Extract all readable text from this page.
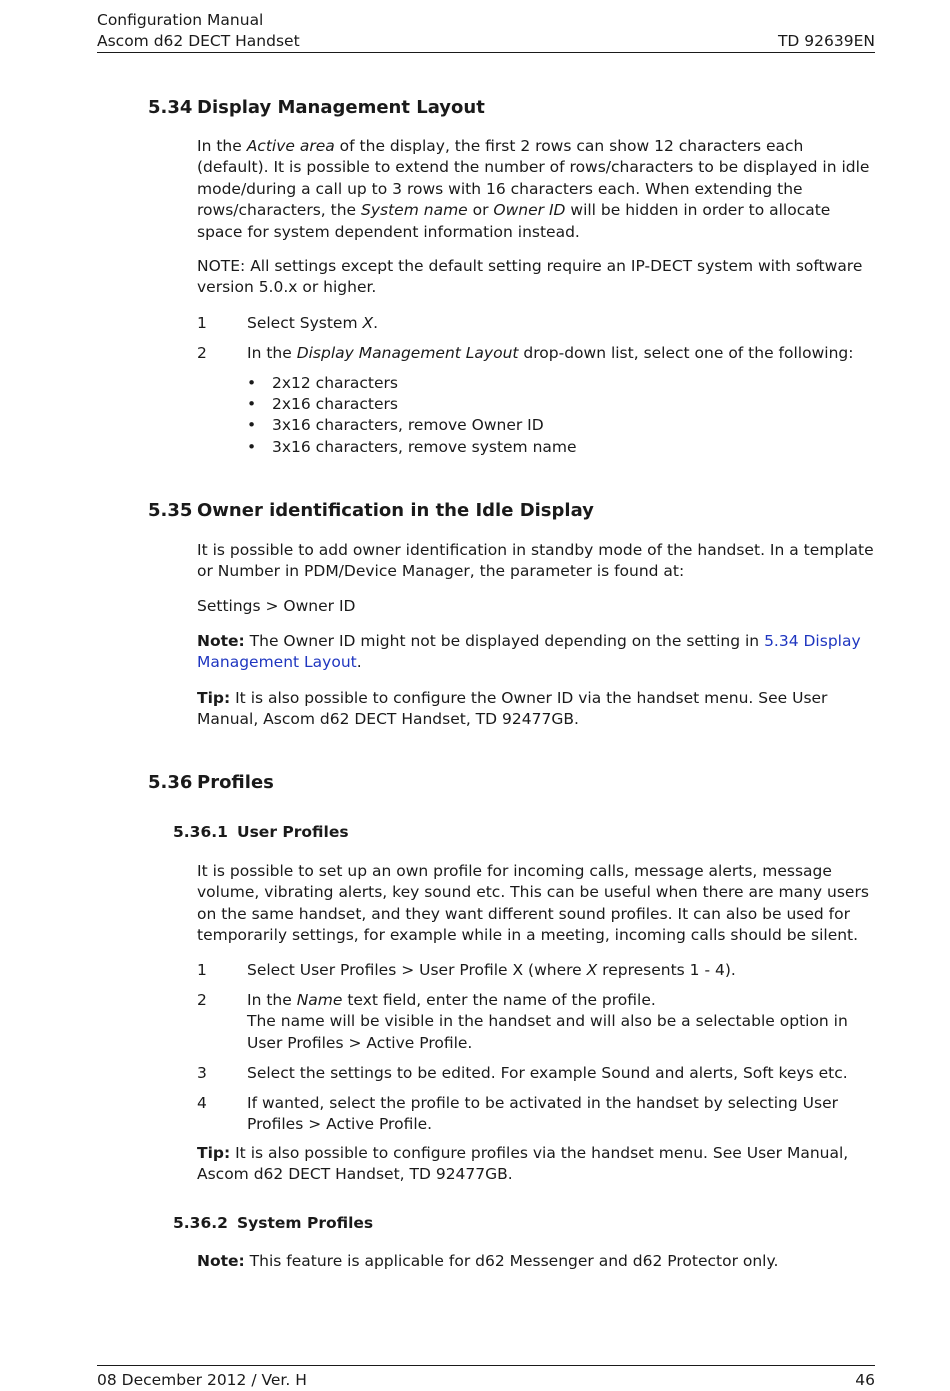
Configuration Manual
Ascom d62 DECT Handset	TD 92639EN
5.34 Display Management Layout
In the Active area of the display, the first 2 rows can show 12 characters each (default). It is possible to extend the number of rows/characters to be displayed in idle mode/during a call up to 3 rows with 16 characters each. When extending the rows/characters, the System name or Owner ID will be hidden in order to allocate space for system dependent information instead.
NOTE: All settings except the default setting require an IP-DECT system with software version 5.0.x or higher.
1	Select System X.
2	In the Display Management Layout drop-down list, select one of the following:
• 2x12 characters
• 2x16 characters
• 3x16 characters, remove Owner ID
• 3x16 characters, remove system name
5.35 Owner identification in the Idle Display
It is possible to add owner identification in standby mode of the handset. In a template or Number in PDM/Device Manager, the parameter is found at:
Settings > Owner ID
Note: The Owner ID might not be displayed depending on the setting in 5.34 Display Management Layout.
Tip: It is also possible to configure the Owner ID via the handset menu. See User Manual, Ascom d62 DECT Handset, TD 92477GB.
5.36 Profiles
5.36.1 User Profiles
It is possible to set up an own profile for incoming calls, message alerts, message volume, vibrating alerts, key sound etc. This can be useful when there are many users on the same handset, and they want different sound profiles. It can also be used for temporarily settings, for example while in a meeting, incoming calls should be silent.
1	Select User Profiles > User Profile X (where X represents 1 - 4).
2	In the Name text field, enter the name of the profile.
The name will be visible in the handset and will also be a selectable option in User Profiles > Active Profile.
3	Select the settings to be edited. For example Sound and alerts, Soft keys etc.
4	If wanted, select the profile to be activated in the handset by selecting User Profiles > Active Profile.
Tip: It is also possible to configure profiles via the handset menu. See User Manual, Ascom d62 DECT Handset, TD 92477GB.
5.36.2 System Profiles
Note: This feature is applicable for d62 Messenger and d62 Protector only.
08 December 2012 / Ver. H	46
